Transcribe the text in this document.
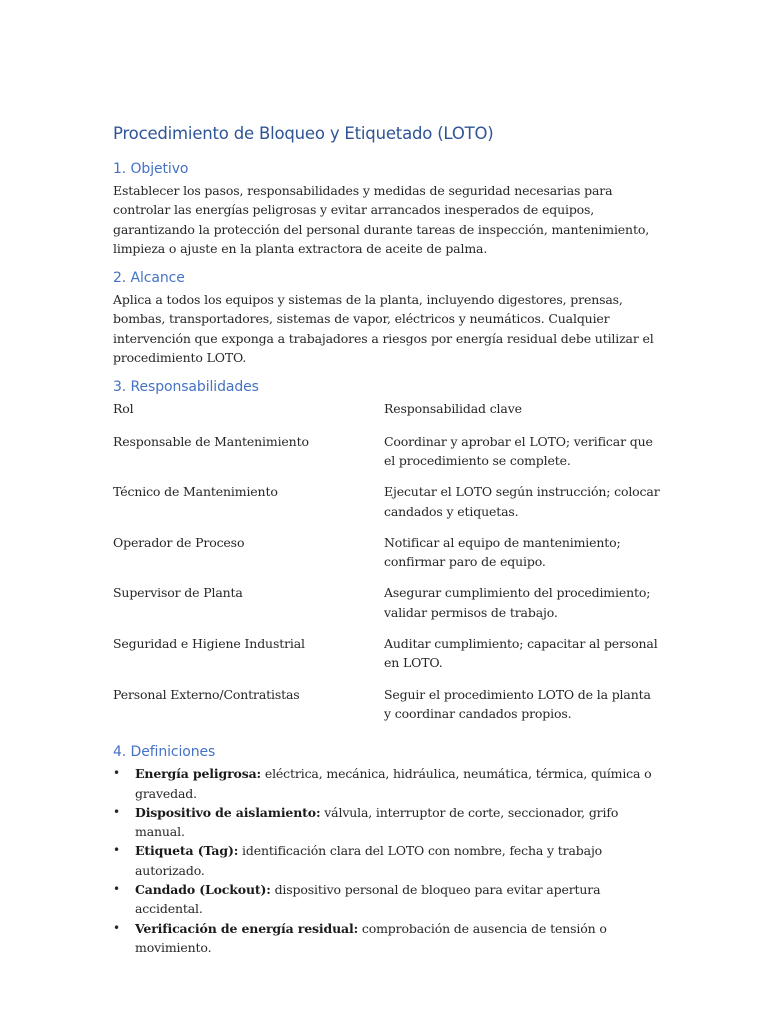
Procedimiento de Bloqueo y Etiquetado (LOTO)
1. Objetivo

Establecer los pasos, responsabilidades y medidas de seguridad necesarias para controlar las energías peligrosas y evitar arrancados inesperados de equipos, garantizando la protección del personal durante tareas de inspección, mantenimiento, limpieza o ajuste en la planta extractora de aceite de palma.

2. Alcance

Aplica a todos los equipos y sistemas de la planta, incluyendo digestores, prensas, bombas, transportadores, sistemas de vapor, eléctricos y neumáticos. Cualquier intervención que exponga a trabajadores a riesgos por energía residual debe utilizar el procedimiento LOTO.

3. Responsabilidades
Rol	Responsabilidad clave
Responsable de Mantenimiento	Coordinar y aprobar el LOTO; verificar que el procedimiento se complete.
Técnico de Mantenimiento	Ejecutar el LOTO según instrucción; colocar candados y etiquetas.
Operador de Proceso	Notificar al equipo de mantenimiento; confirmar paro de equipo.
Supervisor de Planta	Asegurar cumplimiento del procedimiento; validar permisos de trabajo.
Seguridad e Higiene Industrial	Auditar cumplimiento; capacitar al personal en LOTO.
Personal Externo/Contratistas	Seguir el procedimiento LOTO de la planta y coordinar candados propios.
4. Definiciones
• Energía peligrosa: eléctrica, mecánica, hidráulica, neumática, térmica, química o gravedad.
• Dispositivo de aislamiento: válvula, interruptor de corte, seccionador, grifo manual.
• Etiqueta (Tag): identificación clara del LOTO con nombre, fecha y trabajo autorizado.
• Candado (Lockout): dispositivo personal de bloqueo para evitar apertura accidental.
• Verificación de energía residual: comprobación de ausencia de tensión o movimiento.
